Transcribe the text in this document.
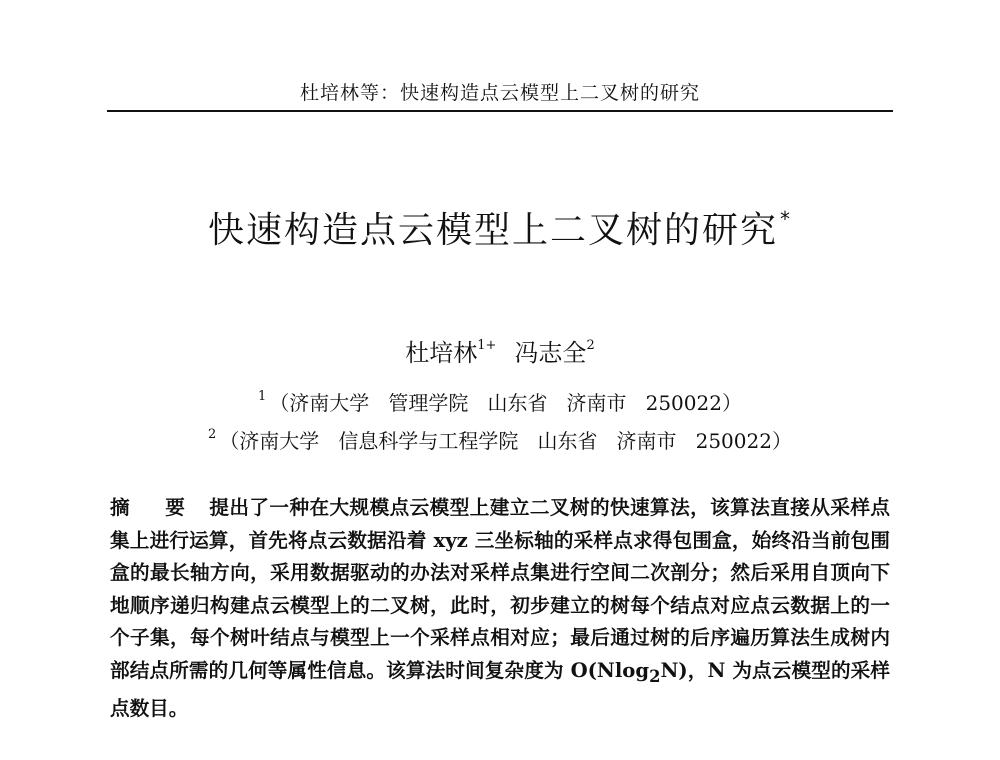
杜培林等：快速构造点云模型上二叉树的研究
快速构造点云模型上二叉树的研究 *
杜培林$^{1+}$ 冯志全$^2$
$^1$ （济南大学   管理学院   山东省   济南市   250022）
$^2$ （济南大学   信息科学与工程学院   山东省   济南市   250022）
摘 要 提出了一种在大规模点云模型上建立二叉树的快速算法，该算法直接从采样点集上进行运算，首先将点云数据沿着 xyz 三坐标轴的采样点求得包围盒，始终沿当前包围盒的最长轴方向，采用数据驱动的办法对采样点集进行空间二次剖分；然后采用自顶向下地顺序递归构建点云模型上的二叉树，此时，初步建立的树每个结点对应点云数据上的一个子集，每个树叶结点与模型上一个采样点相对应；最后通过树的后序遍历算法生成树内部结点所需的几何等属性信息。该算法时间复杂度为 O(Nlog$_2$N)，N 为点云模型的采样点数目。
